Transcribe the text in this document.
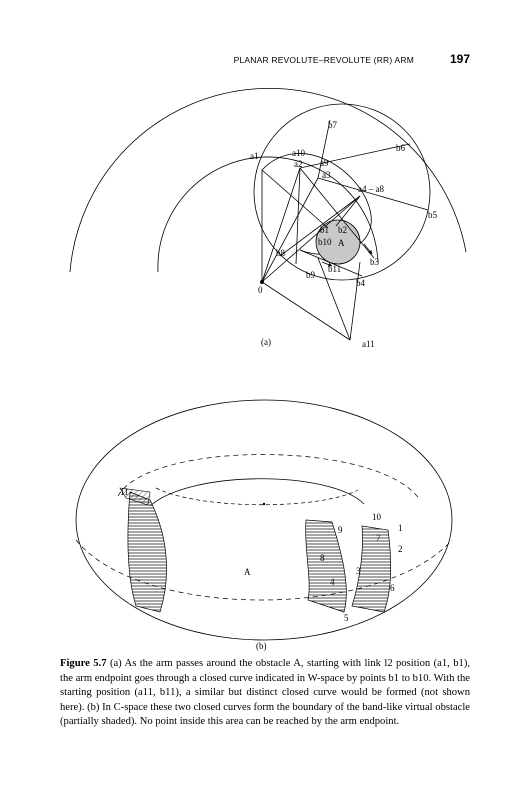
PLANAR REVOLUTE–REVOLUTE (RR) ARM	197
a1	a10
a2 a9
a3
a4 – a8
a11
b1 b2
b10 A
b3
b4
b5
b6
b7
b8
b9
b11
0
(a)
1
2
3
4
5
6
7
8
9
10
11
A
(b)
Figure 5.7 (a) As the arm passes around the obstacle A, starting with link l2 position (a1, b1), the arm endpoint goes through a closed curve indicated in W-space by points b1 to b10. With the starting position (a11, b11), a similar but distinct closed curve would be formed (not shown here). (b) In C-space these two closed curves form the boundary of the band-like virtual obstacle (partially shaded). No point inside this area can be reached by the arm endpoint.
